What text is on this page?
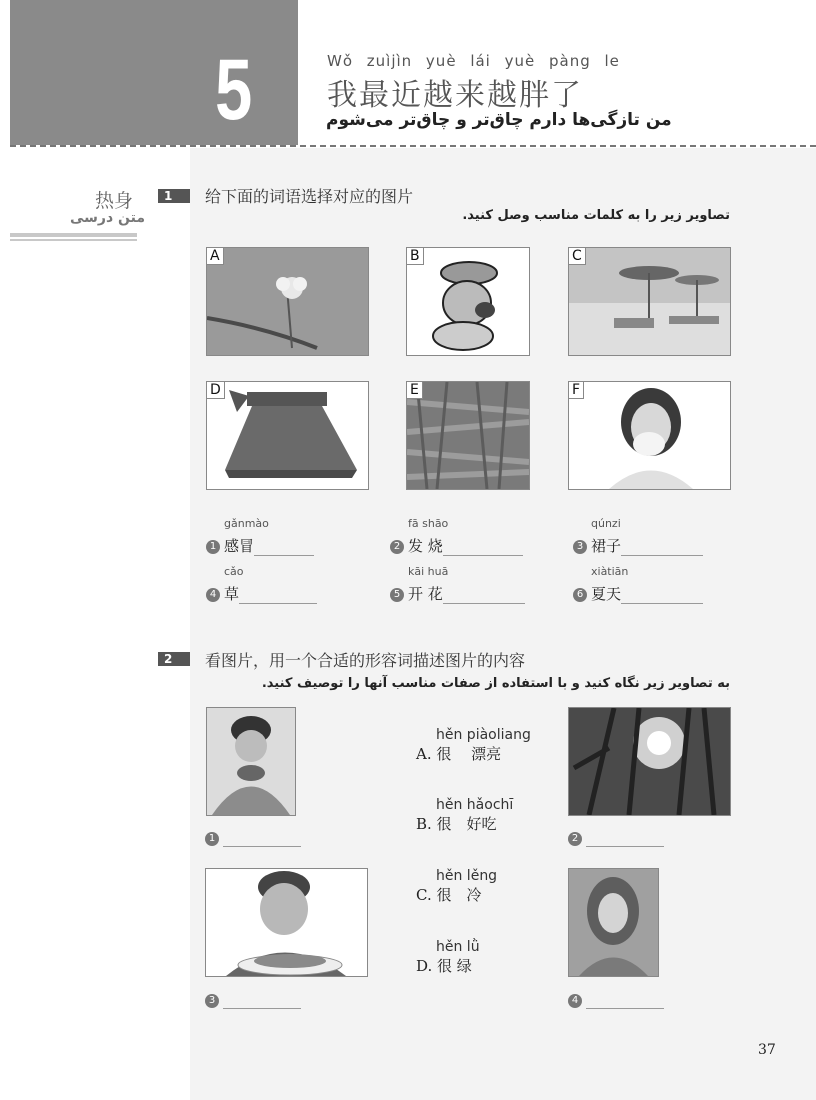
5	Wǒ zuìjìn yuè lái yuè pàng le
我最近越来越胖了
من تازگی‌ها دارم چاق‌تر و چاق‌تر می‌شوم
热身
متن درسی
1	给下面的词语选择对应的图片
تصاویر زیر را به کلمات مناسب وصل کنید.
A	B	C
D	E	F
gǎnmào
1 感冒
fā shāo
2 发 烧
qúnzi
3 裙子
cǎo
4 草
kāi huā
5 开 花
xiàtiān
6 夏天
2	看图片，用一个合适的形容词描述图片的内容
به تصاویر زیر نگاه کنید و با استفاده از صفات مناسب آنها را توصیف کنید.
1	2
3	4
hěn piàoliang
A. 很　 漂亮
hěn hǎochī
B. 很　好吃
hěn lěng
C. 很　冷
hěn lǜ
D. 很 绿
37
